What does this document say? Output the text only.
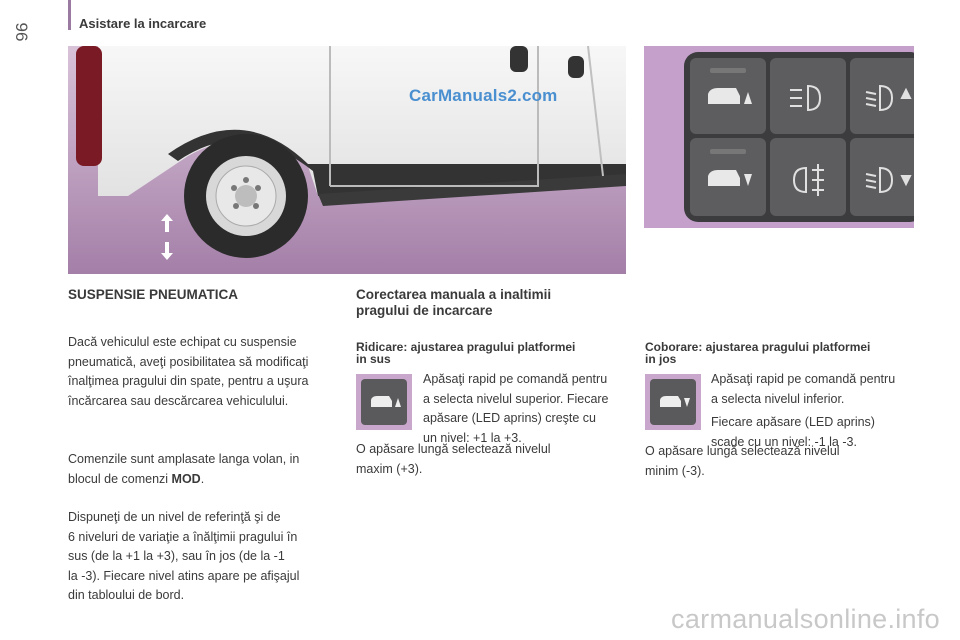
96	Asistare la incarcare
CarManuals2.com
SUSPENSIE PNEUMATICA

Dacă vehiculul este echipat cu suspensie

pneumatică, aveţi posibilitatea să modificaţi

înalţimea pragului din spate, pentru a uşura

încărcarea sau descărcarea vehiculului.

Comenzile sunt amplasate langa volan, in

blocul de comenzi MOD.

Dispuneţi de un nivel de referinţă şi de

6 niveluri de variaţie a înălţimii pragului în

sus (de la +1 la +3), sau în jos (de la -1

la -3). Fiecare nivel atins apare pe afişajul

din tabloului de bord.

Corectarea manuala a inaltimii
pragului de incarcare
Ridicare: ajustarea pragului platformei
in sus

Apăsaţi rapid pe comandă pentru

a selecta nivelul superior. Fiecare

apăsare (LED aprins) creşte cu

un nivel: +1 la +3.

O apăsare lungă selectează nivelul

maxim (+3).

Coborare: ajustarea pragului platformei
in jos

Apăsaţi rapid pe comandă pentru

a selecta nivelul inferior.

Fiecare apăsare (LED aprins)

scade cu un nivel: -1 la -3.

O apăsare lungă selectează nivelul

minim (-3).

carmanualsonline.info
